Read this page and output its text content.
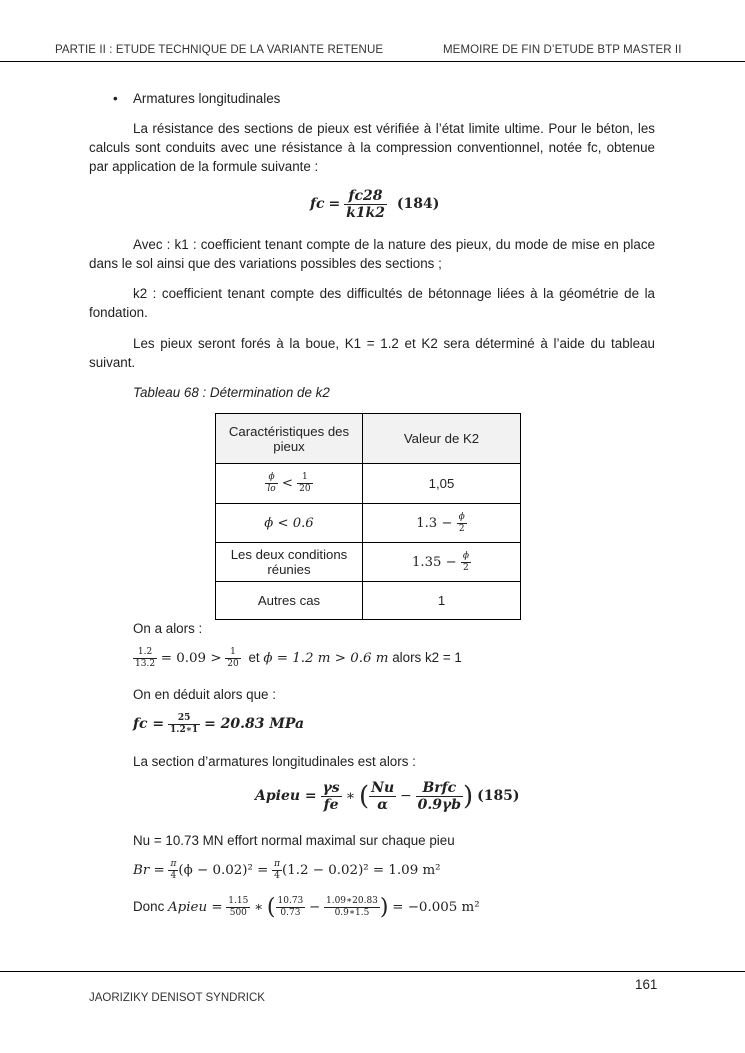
PARTIE II : ETUDE TECHNIQUE DE LA VARIANTE RETENUE	MEMOIRE DE FIN D’ETUDE BTP MASTER II
• Armatures longitudinales
La résistance des sections de pieux est vérifiée à l’état limite ultime. Pour le béton, les calculs sont conduits avec une résistance à la compression conventionnel, notée fc, obtenue par application de la formule suivante :
fc = $\frac{fc28}{k1k2} (184)$
Avec : k1 : coefficient tenant compte de la nature des pieux, du mode de mise en place dans le sol ainsi que des variations possibles des sections ;
k2 : coefficient tenant compte des difficultés de bétonnage liées à la géométrie de la fondation.
Les pieux seront forés à la boue, K1 = 1.2 et K2 sera déterminé à l’aide du tableau suivant.
Tableau 68 : Détermination de k2
Caractéristiques des pieux	Valeur de K2

$\frac{\phi}{lo} < \frac{1}{20}$	1,05
ϕ < 0.6	$1.3 - \frac{\phi}{2}$

Les deux conditions réunies	$1.35 - \frac{\phi}{2}$

Autres cas	1
On a alors :
$\frac{1.2}{13.2} = 0.09 > \frac{1}{20}$ et ϕ = 1.2 m > 0.6 m alors k2 = 1
On en déduit alors que :
fc = $\frac{25}{1.2∗1} = 20.83$ MPa
La section d’armatures longitudinales est alors :
Apieu = $\frac{\gamma s}{fe}$ ∗ ( $\frac{Nu}{\alpha} - \frac{\text{Brfc}}{0.9\gamma b}$ ) (185)
Nu = 10.73 MN effort normal maximal sur chaque pieu
$Br = \frac{\pi}{4} (\phi - 0.02)^2 = \frac{\pi}{4} (1.2 - 0.02)^2 = 1.09$ m²
Donc Apieu = $\frac{1.15}{500}$ ∗ ( $\frac{10.73}{0.73} - \frac{1.09∗20.83}{0.9∗1.5}$ ) = −0.005 m²
161
JAORIZIKY DENISOT SYNDRICK
